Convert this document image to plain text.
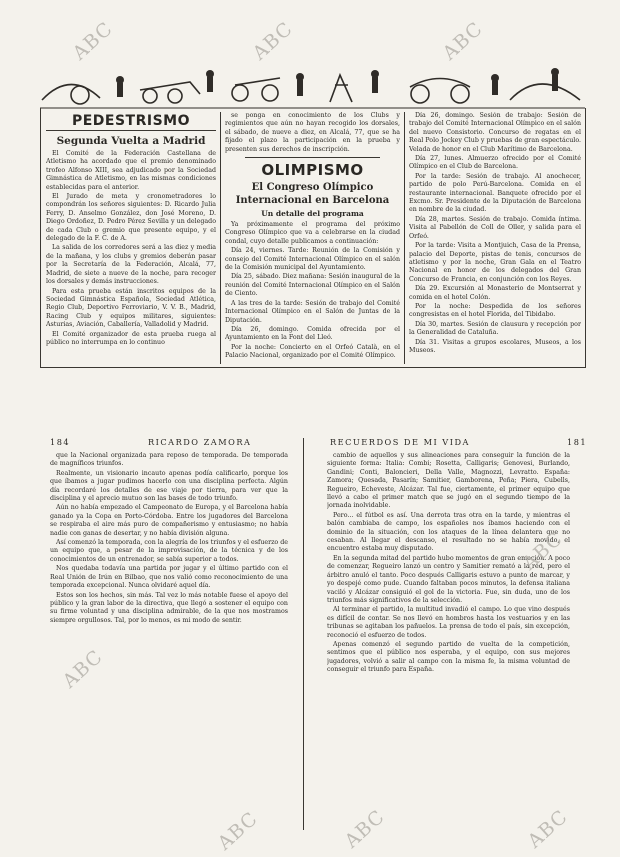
PEDESTRISMO
Segunda Vuelta a Madrid

El Comité de la Federación Castellana de Atletismo ha acordado que el premio denominado trofeo Alfonso XIII, sea adjudicado por la Sociedad Gimnástica de Atletismo, en las mismas condiciones establecidas para el anterior.

El Jurado de meta y cronometradores lo compondrán los señores siguientes: D. Ricardo Julia Ferry, D. Anselmo González, don José Moreno, D. Diego Ordoñez, D. Pedro Pérez Sevilla y un delegado de cada Club o gremio que presente equipo, y el delegado de la F. C. de A.

La salida de los corredores será a las diez y media de la mañana, y los clubs y gremios deberán pasar por la Secretaría de la Federación, Alcalá, 77, Madrid, de siete a nueve de la noche, para recoger los dorsales y demás instrucciones.

Para esta prueba están inscritos equipos de la Sociedad Gimnástica Española, Sociedad Atlética, Regio Club, Deportivo Ferroviario, V. V. B., Madrid, Racing Club y equipos militares, siguientes: Asturias, Aviación, Caballería, Valladolid y Madrid.

El Comité organizador de esta prueba ruega al público no interrumpa en lo continuo

se ponga en conocimiento de los Clubs y regimientos que aún no hayan recogido los dorsales, el sábado, de nueve a diez, en Alcalá, 77, que se ha fijado el plazo la participación en la prueba y presenten sus derechos de inscripción.

OLIMPISMO
El Congreso Olímpico Internacional en Barcelona
Un detalle del programa

Ya próximamente el programa del próximo Congreso Olímpico que va a celebrarse en la ciudad condal, cuyo detalle publicamos a continuación:

Día 24, viernes. Tarde: Reunión de la Comisión y consejo del Comité Internacional Olímpico en el salón de la Comisión municipal del Ayuntamiento.

Día 25, sábado. Diez mañana: Sesión inaugural de la reunión del Comité Internacional Olímpico en el Salón de Ciento.

A las tres de la tarde: Sesión de trabajo del Comité Internacional Olímpico en el Salón de Juntas de la Diputación.

Día 26, domingo. Comida ofrecida por el Ayuntamiento en la Font del Lleó.

Por la noche: Concierto en el Orfeó Català, en el Palacio Nacional, organizado por el Comité Olímpico.

Día 26, domingo. Sesión de trabajo: Sesión de trabajo del Comité Internacional Olímpico en el salón del nuevo Consistorio. Concurso de regatas en el Real Polo Jockey Club y pruebas de gran espectáculo. Velada de honor en el Club Marítimo de Barcelona.

Día 27, lunes. Almuerzo ofrecido por el Comité Olímpico en el Club de Barcelona.

Por la tarde: Sesión de trabajo. Al anochecer, partido de polo Perú-Barcelona. Comida en el restaurante internacional. Banquete ofrecido por el Excmo. Sr. Presidente de la Diputación de Barcelona en nombre de la ciudad.

Día 28, martes. Sesión de trabajo. Comida íntima. Visita al Pabellón de Coll de Oller, y salida para el Orfeó.

Por la tarde: Visita a Montjuich, Casa de la Prensa, palacio del Deporte, pistas de tenis, concursos de atletismo y por la noche, Gran Gala en el Teatro Nacional en honor de los delegados del Gran Concurso de Francia, en conjunción con los Reyes.

Día 29. Excursión al Monasterio de Montserrat y comida en el hotel Colón.

Por la noche: Despedida de los señores congresistas en el hotel Florida, del Tibidabo.

Día 30, martes. Sesión de clausura y recepción por la Generalidad de Cataluña.

Día 31. Visitas a grupos escolares, Museos, a los Museos.

184	RICARDO ZAMORA	RECUERDOS DE MI VIDA	181

que la Nacional organizada para reposo de temporada. De temporada de magníficos triunfos.

Realmente, un visionario incauto apenas podía calificarlo, porque los que íbamos a jugar pudimos hacerlo con una disciplina perfecta. Algún día recordaré los detalles de ese viaje por tierra, para ver que la disciplina y el aprecio mutuo son las bases de todo triunfo.

Aún no había empezado el Campeonato de Europa, y el Barcelona había ganado ya la Copa en Porto-Córdoba. Entre los jugadores del Barcelona se respiraba el aire más puro de compañerismo y entusiasmo; no había nadie con ganas de desertar, y no había división alguna.

Así comenzó la temporada, con la alegría de los triunfos y el esfuerzo de un equipo que, a pesar de la improvisación, de la técnica y de los conocimientos de un entrenador, se sabía superior a todos.

Nos quedaba todavía una partida por jugar y el último partido con el Real Unión de Irún en Bilbao, que nos valió como reconocimiento de una temporada excepcional. Nunca olvidaré aquel día.

Estos son los hechos, sin más. Tal vez lo más notable fuese el apoyo del público y la gran labor de la directiva, que llegó a sostener el equipo con su firme voluntad y una disciplina admirable, de la que nos mostramos siempre orgullosos. Tal, por lo menos, es mi modo de sentir.

cambio de aquellos y sus alineaciones para conseguir la función de la siguiente forma: Italia: Combi; Rosetta, Calligaris; Genovesi, Burlando, Gandini; Conti, Baloncieri, Della Valle, Magnozzi, Levratto. España: Zamora; Quesada, Pasarín; Samitier, Gamborena, Peña; Piera, Cubells, Regueiro, Echeveste, Alcázar. Tal fue, ciertamente, el primer equipo que llevó a cabo el primer match que se jugó en el segundo tiempo de la jornada inolvidable.

Pero... el fútbol es así. Una derrota tras otra en la tarde, y mientras el balón cambiaba de campo, los españoles nos íbamos haciendo con el dominio de la situación, con los ataques de la línea delantera que no cesaban. Al llegar el descanso, el resultado no se había movido, el encuentro estaba muy disputado.

En la segunda mitad del partido hubo momentos de gran emoción. A poco de comenzar, Regueiro lanzó un centro y Samitier remató a la red, pero el árbitro anuló el tanto. Poco después Calligaris estuvo a punto de marcar, y yo despejé como pude. Cuando faltaban pocos minutos, la defensa italiana vaciló y Alcázar consiguió el gol de la victoria. Fue, sin duda, uno de los triunfos más significativos de la selección.

Al terminar el partido, la multitud invadió el campo. Lo que vino después es difícil de contar. Se nos llevó en hombros hasta los vestuarios y en las tribunas se agitaban los pañuelos. La prensa de todo el país, sin excepción, reconoció el esfuerzo de todos.

Apenas comenzó el segundo partido de vuelta de la competición, sentimos que el público nos esperaba, y el equipo, con sus mejores jugadores, volvió a salir al campo con la misma fe, la misma voluntad de conseguir el triunfo para España.

ABC	ABC	ABC
ABC
ABC	ABC	ABC
ABC
